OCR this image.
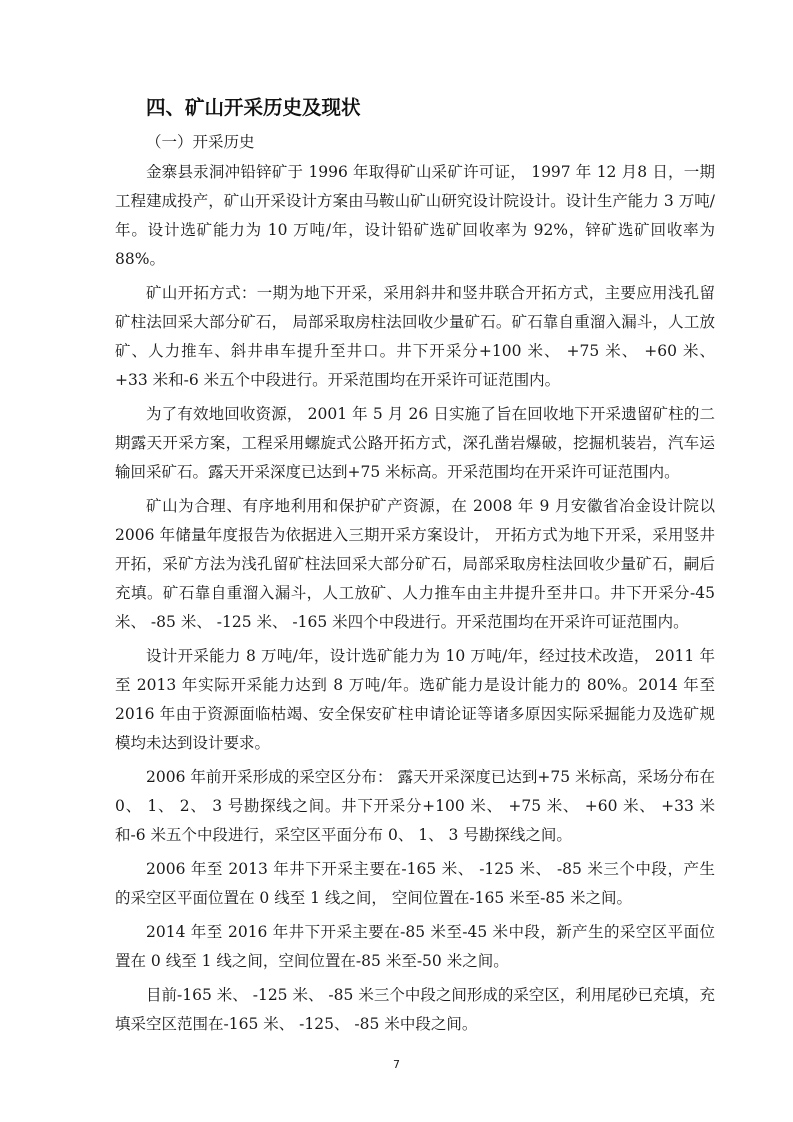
四、矿山开采历史及现状
（一）开采历史

金寨县汞洞冲铅锌矿于 1996 年取得矿山采矿许可证， 1997 年 12 月8 日，一期工程建成投产，矿山开采设计方案由马鞍山矿山研究设计院设计。设计生产能力 3 万吨/年。设计选矿能力为 10 万吨/年，设计铅矿选矿回收率为 92%，锌矿选矿回收率为 88%。

矿山开拓方式：一期为地下开采，采用斜井和竖井联合开拓方式，主要应用浅孔留矿柱法回采大部分矿石， 局部采取房柱法回收少量矿石。矿石靠自重溜入漏斗，人工放矿、人力推车、斜井串车提升至井口。井下开采分+100 米、 +75 米、 +60 米、 +33 米和-6 米五个中段进行。开采范围均在开采许可证范围内。

为了有效地回收资源， 2001 年 5 月 26 日实施了旨在回收地下开采遗留矿柱的二期露天开采方案，工程采用螺旋式公路开拓方式，深孔凿岩爆破，挖掘机装岩，汽车运输回采矿石。露天开采深度已达到+75 米标高。开采范围均在开采许可证范围内。

矿山为合理、有序地利用和保护矿产资源，在 2008 年 9 月安徽省冶金设计院以 2006 年储量年度报告为依据进入三期开采方案设计， 开拓方式为地下开采，采用竖井开拓，采矿方法为浅孔留矿柱法回采大部分矿石，局部采取房柱法回收少量矿石，嗣后充填。矿石靠自重溜入漏斗，人工放矿、人力推车由主井提升至井口。井下开采分-45 米、 -85 米、 -125 米、 -165 米四个中段进行。开采范围均在开采许可证范围内。

设计开采能力 8 万吨/年，设计选矿能力为 10 万吨/年，经过技术改造， 2011 年至 2013 年实际开采能力达到 8 万吨/年。选矿能力是设计能力的 80%。2014 年至 2016 年由于资源面临枯竭、安全保安矿柱申请论证等诸多原因实际采掘能力及选矿规模均未达到设计要求。

2006 年前开采形成的采空区分布： 露天开采深度已达到+75 米标高，采场分布在 0、 1、 2、 3 号勘探线之间。井下开采分+100 米、 +75 米、 +60 米、 +33 米和-6 米五个中段进行，采空区平面分布 0、 1、 3 号勘探线之间。

2006 年至 2013 年井下开采主要在-165 米、 -125 米、 -85 米三个中段，产生的采空区平面位置在 0 线至 1 线之间， 空间位置在-165 米至-85 米之间。

2014 年至 2016 年井下开采主要在-85 米至-45 米中段，新产生的采空区平面位置在 0 线至 1 线之间，空间位置在-85 米至-50 米之间。

目前-165 米、 -125 米、 -85 米三个中段之间形成的采空区，利用尾砂已充填，充填采空区范围在-165 米、 -125、 -85 米中段之间。

7
